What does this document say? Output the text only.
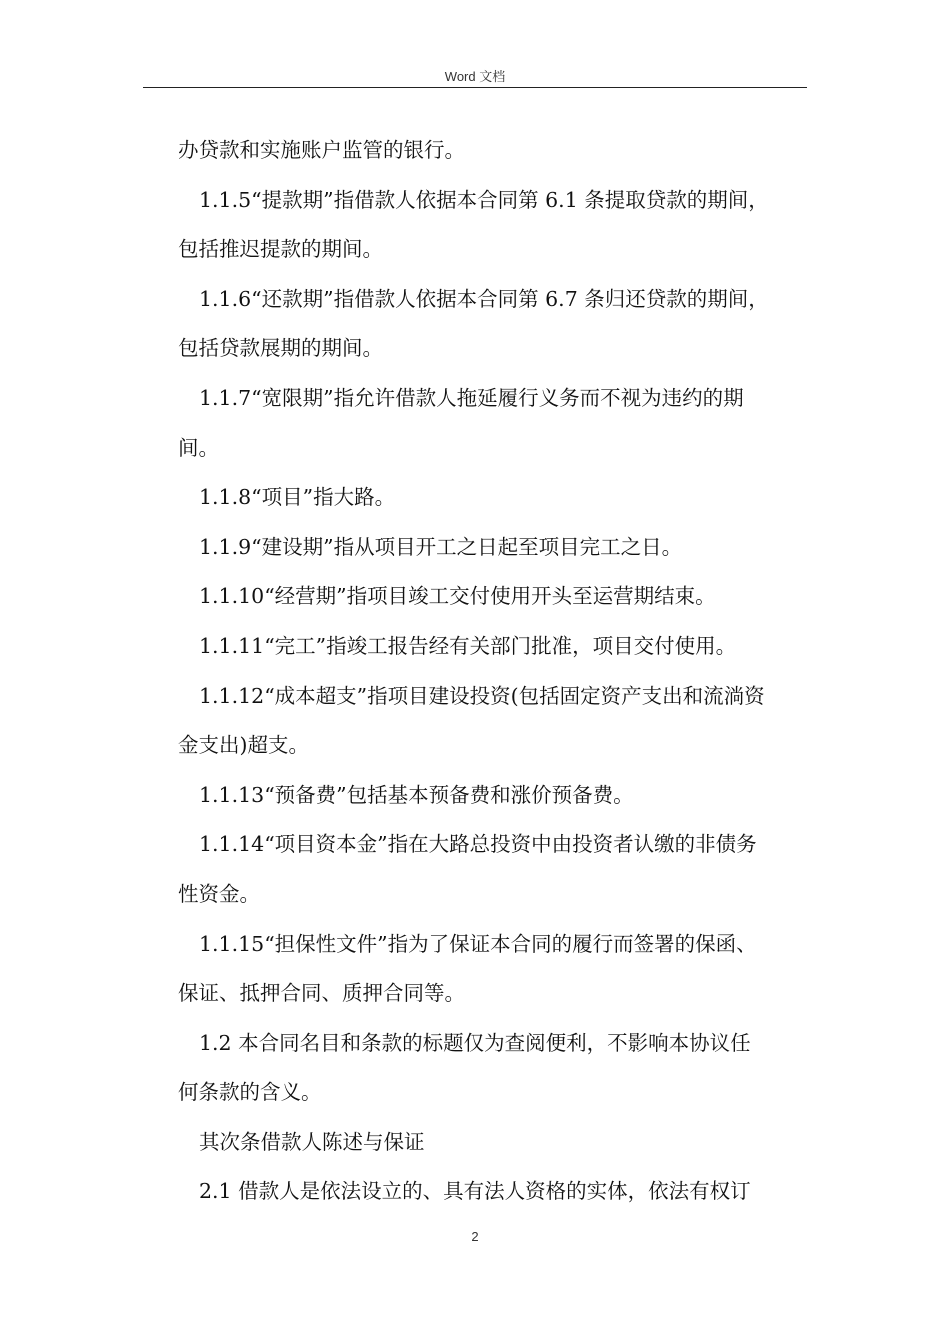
Word 文档

办贷款和实施账户监管的银行。

1.1.5“提款期”指借款人依据本合同第 6.1 条提取贷款的期间，

包括推迟提款的期间。

1.1.6“还款期”指借款人依据本合同第 6.7 条归还贷款的期间，

包括贷款展期的期间。

1.1.7“宽限期”指允许借款人拖延履行义务而不视为违约的期

间。

1.1.8“项目”指大路。

1.1.9“建设期”指从项目开工之日起至项目完工之日。

1.1.10“经营期”指项目竣工交付使用开头至运营期结束。

1.1.11“完工”指竣工报告经有关部门批准，项目交付使用。

1.1.12“成本超支”指项目建设投资(包括固定资产支出和流淌资

金支出)超支。

1.1.13“预备费”包括基本预备费和涨价预备费。

1.1.14“项目资本金”指在大路总投资中由投资者认缴的非债务

性资金。

1.1.15“担保性文件”指为了保证本合同的履行而签署的保函、

保证、抵押合同、质押合同等。

1.2 本合同名目和条款的标题仅为查阅便利，不影响本协议任

何条款的含义。

其次条借款人陈述与保证

2.1 借款人是依法设立的、具有法人资格的实体，依法有权订

2
